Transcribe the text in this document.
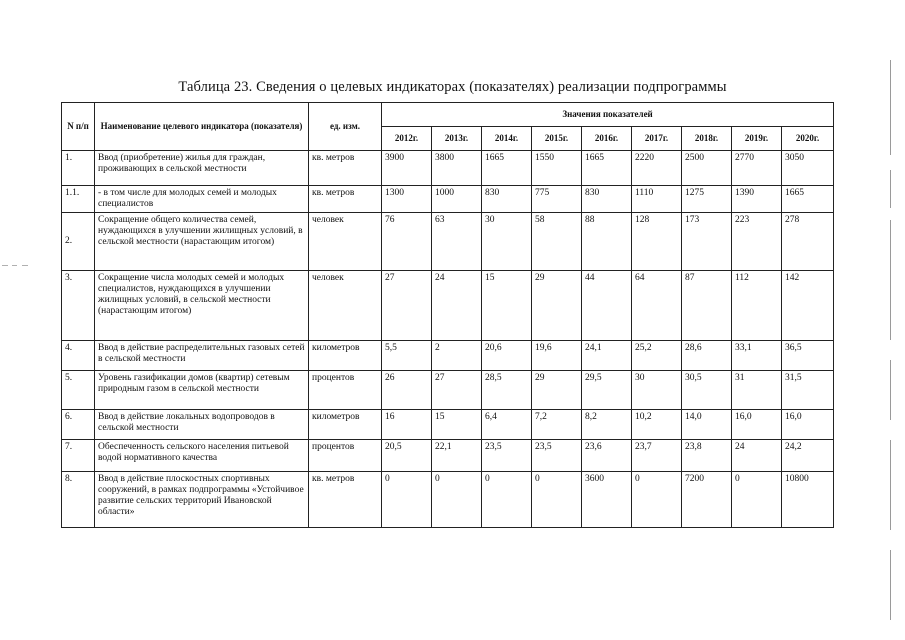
Таблица 23. Сведения о целевых индикаторах (показателях) реализации подпрограммы
N п/п	Наименование целевого индикатора (показателя)	ед. изм.	Значения показателей								
			2012г.	2013г.	2014г.	2015г.	2016г.	2017г.	2018г.	2019г.	2020г.
1.	Ввод (приобретение) жилья для граждан, проживающих в сельской местности	кв. метров	3900	3800	1665	1550	1665	2220	2500	2770	3050
1.1.	- в том числе для молодых семей и молодых специалистов	кв. метров	1300	1000	830	775	830	1110	1275	1390	1665
2.	Сокращение общего количества семей, нуждающихся в улучшении жилищных условий, в сельской местности (нарастающим итогом)	человек	76	63	30	58	88	128	173	223	278
3.	Сокращение числа молодых семей и молодых специалистов, нуждающихся в улучшении жилищных условий, в сельской местности (нарастающим итогом)	человек	27	24	15	29	44	64	87	112	142
4.	Ввод в действие распределительных газовых сетей в сельской местности	километров	5,5	2	20,6	19,6	24,1	25,2	28,6	33,1	36,5
5.	Уровень газификации домов (квартир) сетевым природным газом в сельской местности	процентов	26	27	28,5	29	29,5	30	30,5	31	31,5
6.	Ввод в действие локальных водопроводов в сельской местности	километров	16	15	6,4	7,2	8,2	10,2	14,0	16,0	16,0
7.	Обеспеченность сельского населения питьевой водой нормативного качества	процентов	20,5	22,1	23,5	23,5	23,6	23,7	23,8	24	24,2
8.	Ввод в действие плоскостных спортивных сооружений, в рамках подпрограммы «Устойчивое развитие сельских территорий Ивановской области»	кв. метров	0	0	0	0	3600	0	7200	0	10800
